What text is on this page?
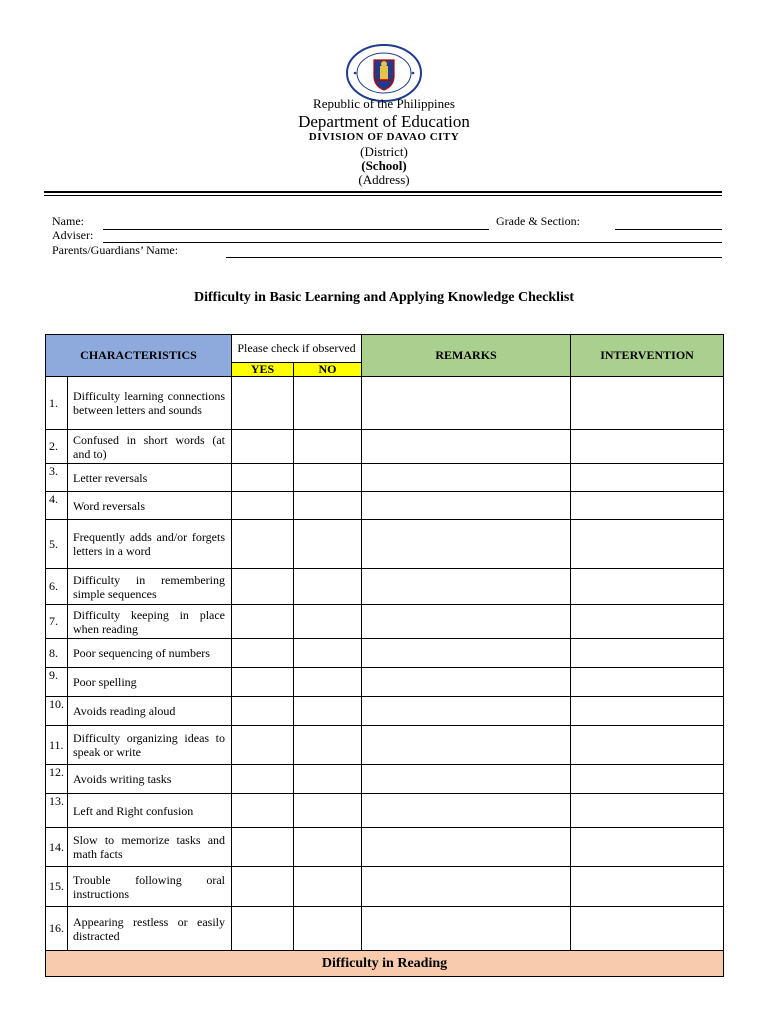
Republic of the Philippines
Department of Education
DIVISION OF DAVAO CITY
(District)
(School)
(Address)
Name:	Grade & Section:
Adviser:
Parents/Guardians’ Name:
Difficulty in Basic Learning and Applying Knowledge Checklist
CHARACTERISTICS		Please check if observed		REMARKS	INTERVENTION
		YES	NO		

1.	Difficulty learning connections between letters and sounds				

2.	Confused in short words (at and to)				

3.	Letter reversals				

4.	Word reversals				

5.	Frequently adds and/or forgets letters in a word				

6.	Difficulty in remembering simple sequences				

7.	Difficulty keeping in place when reading				

8.	Poor sequencing of numbers				

9.	Poor spelling				

10.	Avoids reading aloud				

11.	Difficulty organizing ideas to speak or write				

12.	Avoids writing tasks				

13.	Left and Right confusion				

14.	Slow to memorize tasks and math facts				

15.	Trouble following oral instructions				

16.	Appearing restless or easily distracted				
Difficulty in Reading					
